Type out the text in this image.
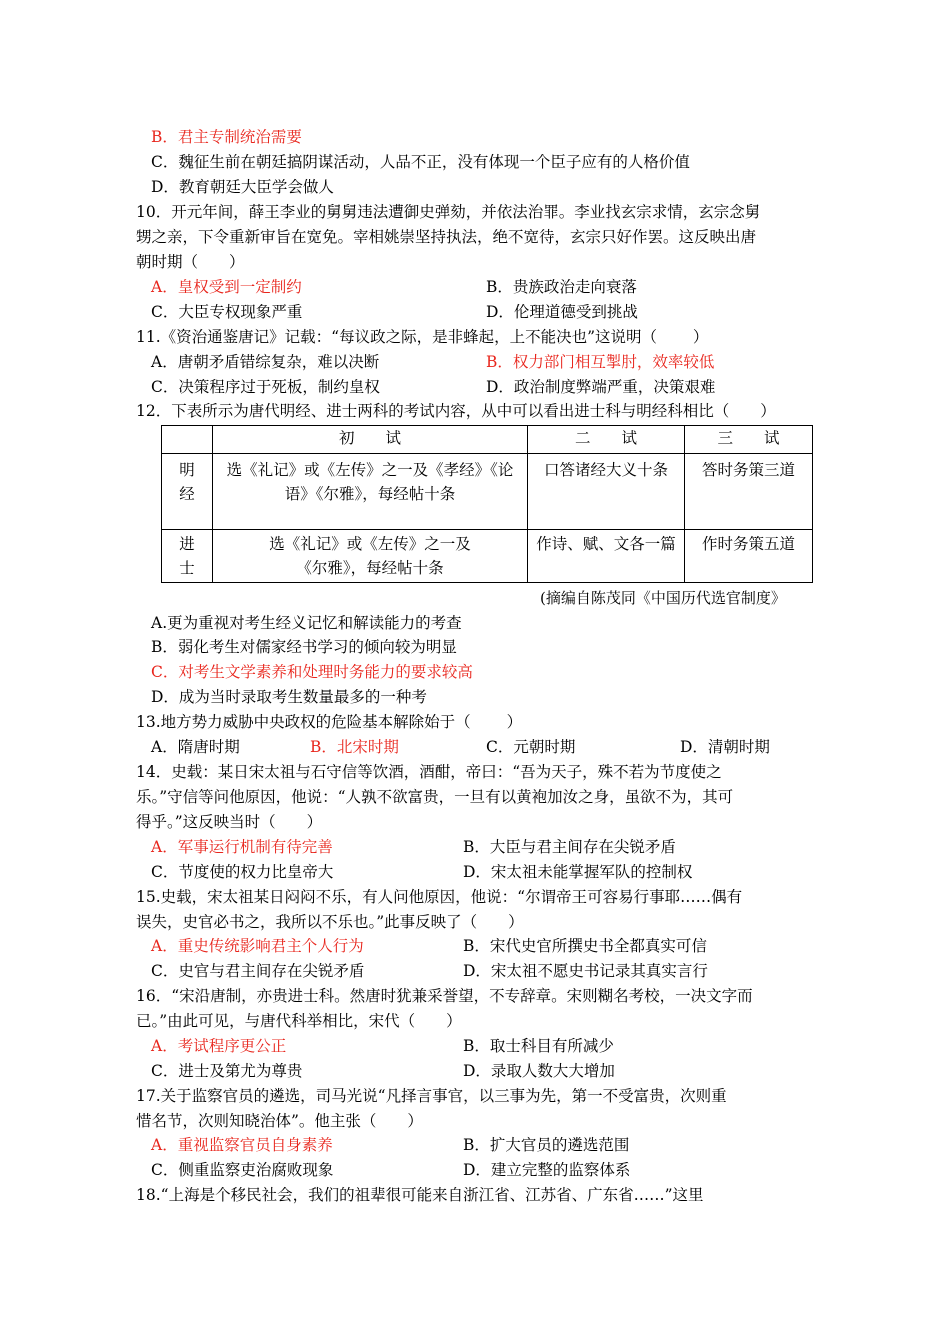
B．君主专制统治需要
C．魏征生前在朝廷搞阴谋活动，人品不正，没有体现一个臣子应有的人格价值
D．教育朝廷大臣学会做人
10．开元年间，薛王李业的舅舅违法遭御史弹劾，并依法治罪。李业找玄宗求情，玄宗念舅
甥之亲，下令重新审旨在宽免。宰相姚崇坚持执法，绝不宽待，玄宗只好作罢。这反映出唐
朝时期（　　）
A．皇权受到一定制约	B．贵族政治走向衰落
C．大臣专权现象严重	D．伦理道德受到挑战
11.《资治通鉴唐记》记载：“每议政之际，是非蜂起，上不能决也”这说明（　　 ）
A．唐朝矛盾错综复杂，难以决断	B．权力部门相互掣肘，效率较低
C．决策程序过于死板，制约皇权	D．政治制度弊端严重，决策艰难
12．下表所示为唐代明经、进士两科的考试内容，从中可以看出进士科与明经科相比（　　）
	初　　试	二　　试	三　　试
明经	选《礼记》或《左传》之一及《孝经》《论语》《尔雅》，每经帖十条	口答诸经大义十条	答时务策三道
进士	选《礼记》或《左传》之一及《尔雅》，每经帖十条	作诗、赋、文各一篇	作时务策五道
(摘编自陈茂同《中国历代选官制度》
A.更为重视对考生经义记忆和解读能力的考查
B．弱化考生对儒家经书学习的倾向较为明显
C．对考生文学素养和处理时务能力的要求较高
D．成为当时录取考生数量最多的一种考
13.地方势力威胁中央政权的危险基本解除始于（　　 ）
A．隋唐时期	B．北宋时期	C．元朝时期	D．清朝时期
14．史载：某日宋太祖与石守信等饮酒，酒酣，帝曰：“吾为天子，殊不若为节度使之
乐。”守信等问他原因，他说：“人孰不欲富贵，一旦有以黄袍加汝之身，虽欲不为，其可
得乎。”这反映当时（　　）
A．军事运行机制有待完善	B．大臣与君主间存在尖锐矛盾
C．节度使的权力比皇帝大	D．宋太祖未能掌握军队的控制权
15.史载，宋太祖某日闷闷不乐，有人问他原因，他说：“尔谓帝王可容易行事耶……偶有
误失，史官必书之，我所以不乐也。”此事反映了（　　）
A．重史传统影响君主个人行为	B．宋代史官所撰史书全都真实可信
C．史官与君主间存在尖锐矛盾	D．宋太祖不愿史书记录其真实言行
16．“宋沿唐制，亦贵进士科。然唐时犹兼采誉望，不专辞章。宋则糊名考校，一决文字而
已。”由此可见，与唐代科举相比，宋代（　　）
A．考试程序更公正	B．取士科目有所减少
C．进士及第尤为尊贵	D．录取人数大大增加
17.关于监察官员的遴选，司马光说“凡择言事官，以三事为先，第一不受富贵，次则重
惜名节，次则知晓治体”。他主张（　　）
A．重视监察官员自身素养	B．扩大官员的遴选范围
C．侧重监察吏治腐败现象	D．建立完整的监察体系
18.“上海是个移民社会，我们的祖辈很可能来自浙江省、江苏省、广东省……”这里
